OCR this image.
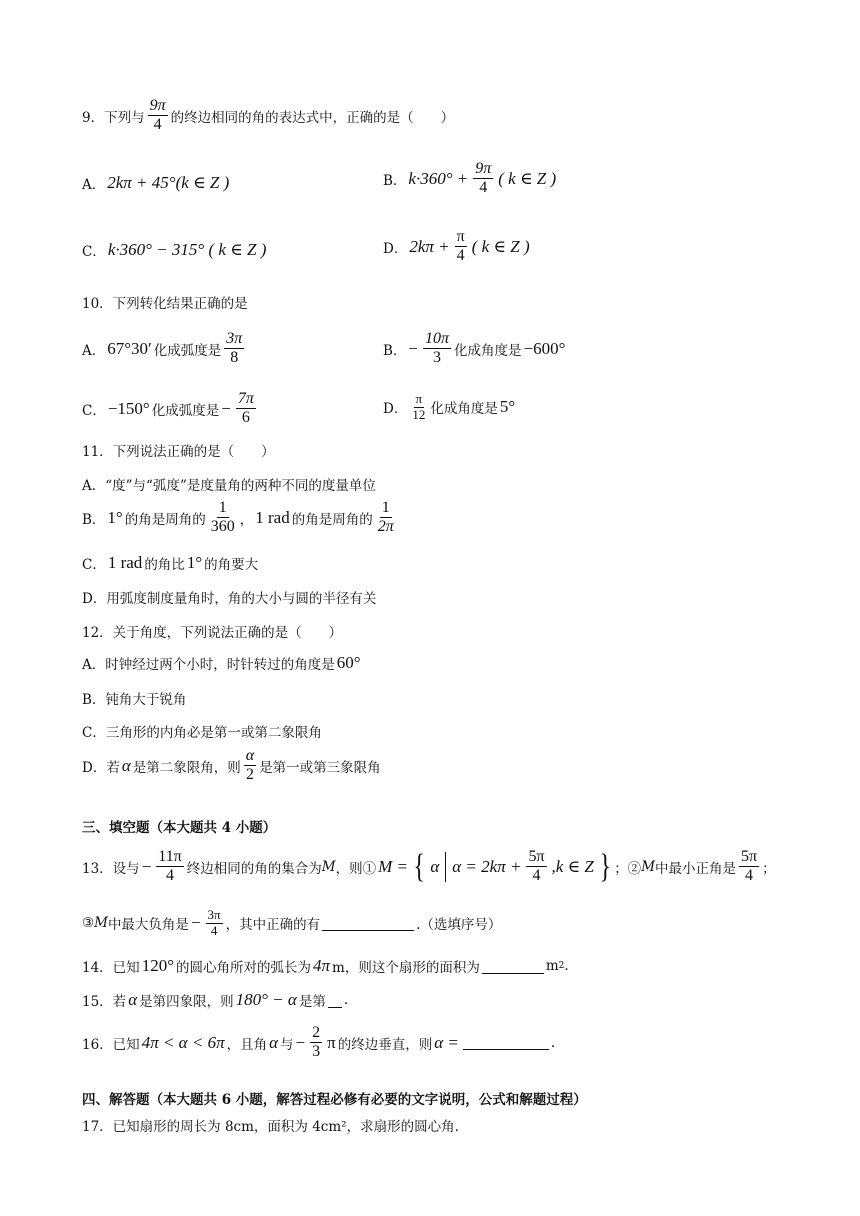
9．下列与 $\frac{9\pi}{4}$ 的终边相同的角的表达式中，正确的是（　　）
A． 2kπ + 45°(k ∈ Z )	B． $k\cdot 360^\circ + \frac{9\pi}{4}$ ( k ∈ Z )
C． k·360° − 315° ( k ∈ Z )	D． $2k\pi + \frac{\pi}{4}$ ( k ∈ Z )
10．下列转化结果正确的是
A． 67°30′ 化成弧度是 $\frac{3\pi}{8}$	B． − $\frac{10\pi}{3}$ 化成角度是 −600°
C． −150° 化成弧度是 − $\frac{7\pi}{6}$	D． $\frac{\pi}{12}$ 化成角度是 5°
11．下列说法正确的是（　　）
A．“度”与“弧度”是度量角的两种不同的度量单位
B． 1° 的角是周角的 $\frac{1}{360}$ ， 1 rad 的角是周角的 $\frac{1}{2\pi}$
C． 1 rad 的角比 1° 的角要大
D．用弧度制度量角时，角的大小与圆的半径有关
12．关于角度，下列说法正确的是（　　）
A．时钟经过两个小时，时针转过的角度是 60°
B．钝角大于锐角
C．三角形的内角必是第一或第二象限角
D．若 α 是第二象限角，则 $\frac{\alpha}{2}$ 是第一或第三象限角
三、填空题（本大题共 4 小题）
13．设与 − $\frac{11\pi}{4}$ 终边相同的角的集合为 M ，则① M = { α $\alpha = 2k\pi + \frac{5\pi}{4} ,k$ ∈ Z } ；② M 中最小正角是 $\frac{5\pi}{4}$ ；
③ M 中最大负角是 − $\frac{3\pi}{4}$ ，其中正确的有	.（选填序号）
14．已知 120° 的圆心角所对的弧长为 4π m，则这个扇形的面积为	m 2 .
15．若 α 是第四象限，则 180° − α 是第 .
16．已知 4π < α < 6π ，且角 α 与 − $\frac{2}{3}$ π 的终边垂直，则 α =	.
四、解答题（本大题共 6 小题，解答过程必修有必要的文字说明，公式和解题过程）
17．已知扇形的周长为 8cm，面积为 4cm²，求扇形的圆心角.
